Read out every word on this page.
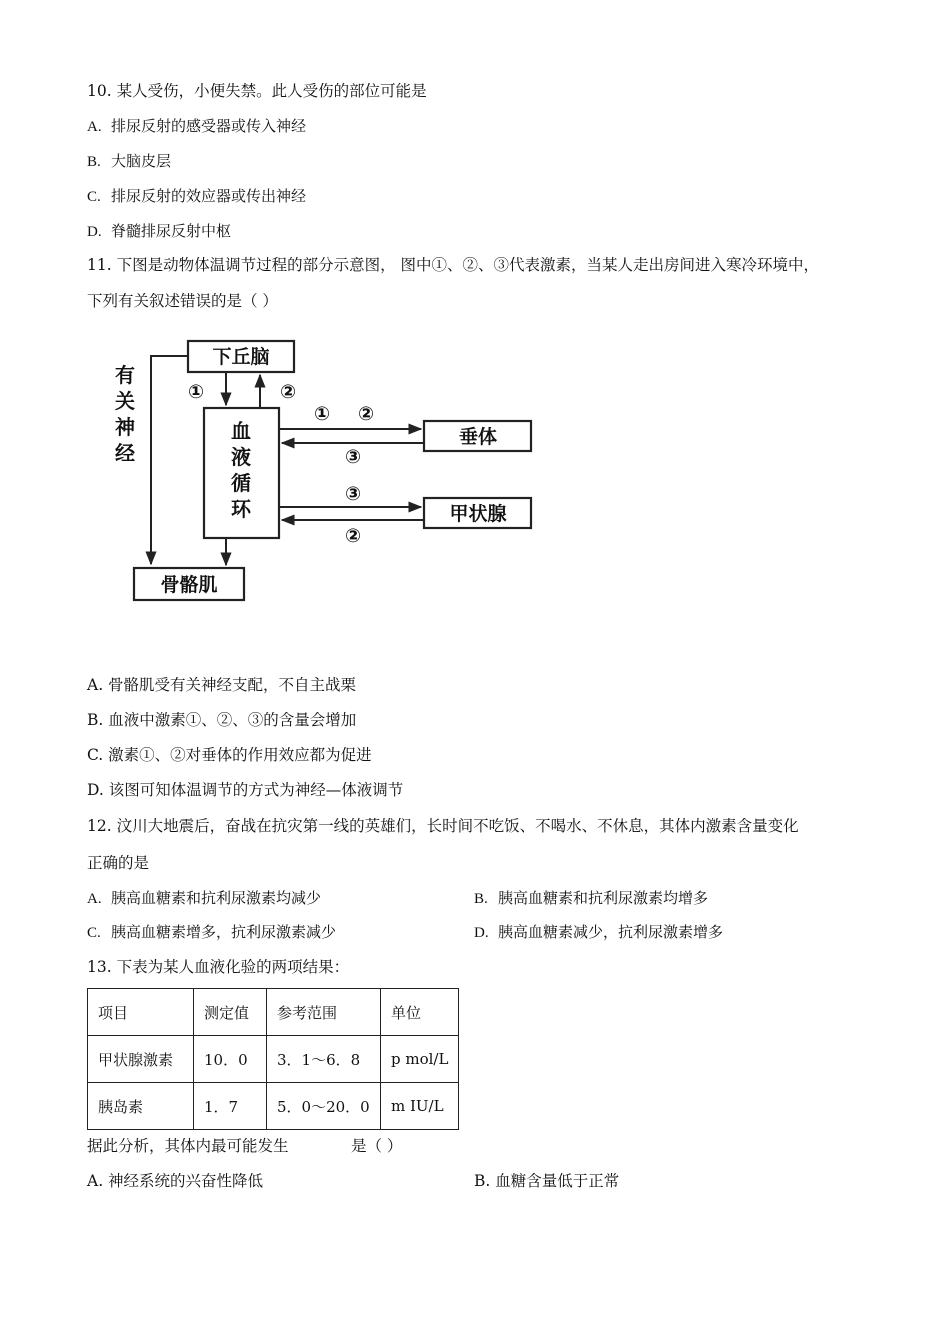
10. 某人受伤，小便失禁。此人受伤的部位可能是
A. 排尿反射的感受器或传入神经
B. 大脑皮层
C. 排尿反射的效应器或传出神经
D. 脊髓排尿反射中枢
11. 下图是动物体温调节过程的部分示意图， 图中①、②、③代表激素，当某人走出房间进入寒冷环境中，
下列有关叙述错误的是（ ）
下丘脑
血
液
循
环
垂体
甲状腺
骨骼肌
有
关
神
经
①	②
① ②
③
③
②
A. 骨骼肌受有关神经支配，不自主战栗
B. 血液中激素①、②、③的含量会增加
C. 激素①、②对垂体的作用效应都为促进
D. 该图可知体温调节的方式为神经—体液调节
12. 汶川大地震后，奋战在抗灾第一线的英雄们，长时间不吃饭、不喝水、不休息，其体内激素含量变化
正确的是
A. 胰高血糖素和抗利尿激素均减少	B. 胰高血糖素和抗利尿激素均增多
C. 胰高血糖素增多，抗利尿激素减少	D. 胰高血糖素减少，抗利尿激素增多
13. 下表为某人血液化验的两项结果：
项目	测定值	参考范围	单位
甲状腺激素	10．0	3．1～6．8	p mol/L
胰岛素	1．7	5．0～20．0	m IU/L
据此分析，其体内最可能发生	是（ ）
A. 神经系统的兴奋性降低	B. 血糖含量低于正常
